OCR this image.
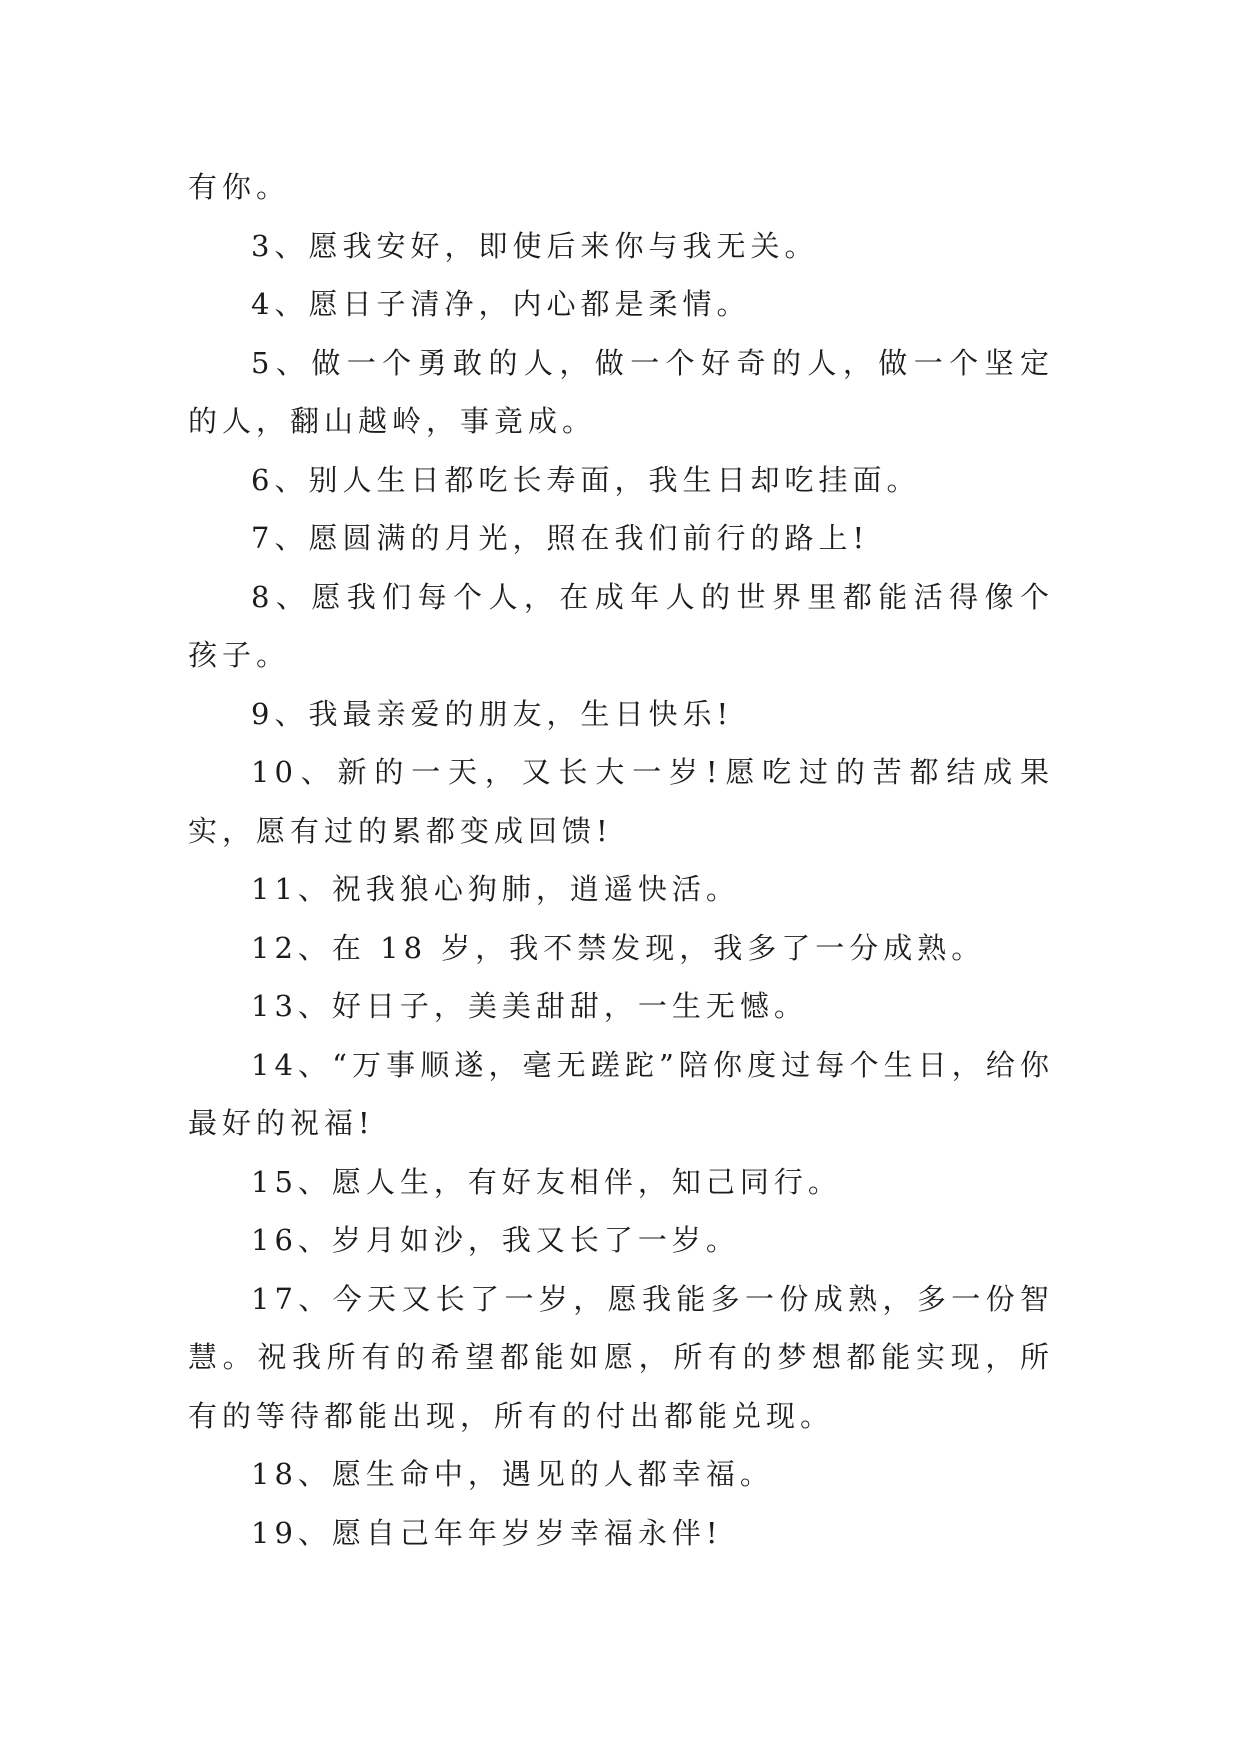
有你。

3、愿我安好，即使后来你与我无关。

4、愿日子清净，内心都是柔情。

5、做一个勇敢的人，做一个好奇的人，做一个坚定的人，翻山越岭，事竟成。

6、别人生日都吃长寿面，我生日却吃挂面。

7、愿圆满的月光，照在我们前行的路上!

8、愿我们每个人，在成年人的世界里都能活得像个孩子。

9、我最亲爱的朋友，生日快乐!

10、新的一天，又长大一岁!愿吃过的苦都结成果实，愿有过的累都变成回馈!

11、祝我狼心狗肺，逍遥快活。

12、在 18 岁，我不禁发现，我多了一分成熟。

13、好日子，美美甜甜，一生无憾。

14、“万事顺遂，毫无蹉跎”陪你度过每个生日，给你最好的祝福!

15、愿人生，有好友相伴，知己同行。

16、岁月如沙，我又长了一岁。

17、今天又长了一岁，愿我能多一份成熟，多一份智慧。祝我所有的希望都能如愿，所有的梦想都能实现，所有的等待都能出现，所有的付出都能兑现。

18、愿生命中，遇见的人都幸福。

19、愿自己年年岁岁幸福永伴!
